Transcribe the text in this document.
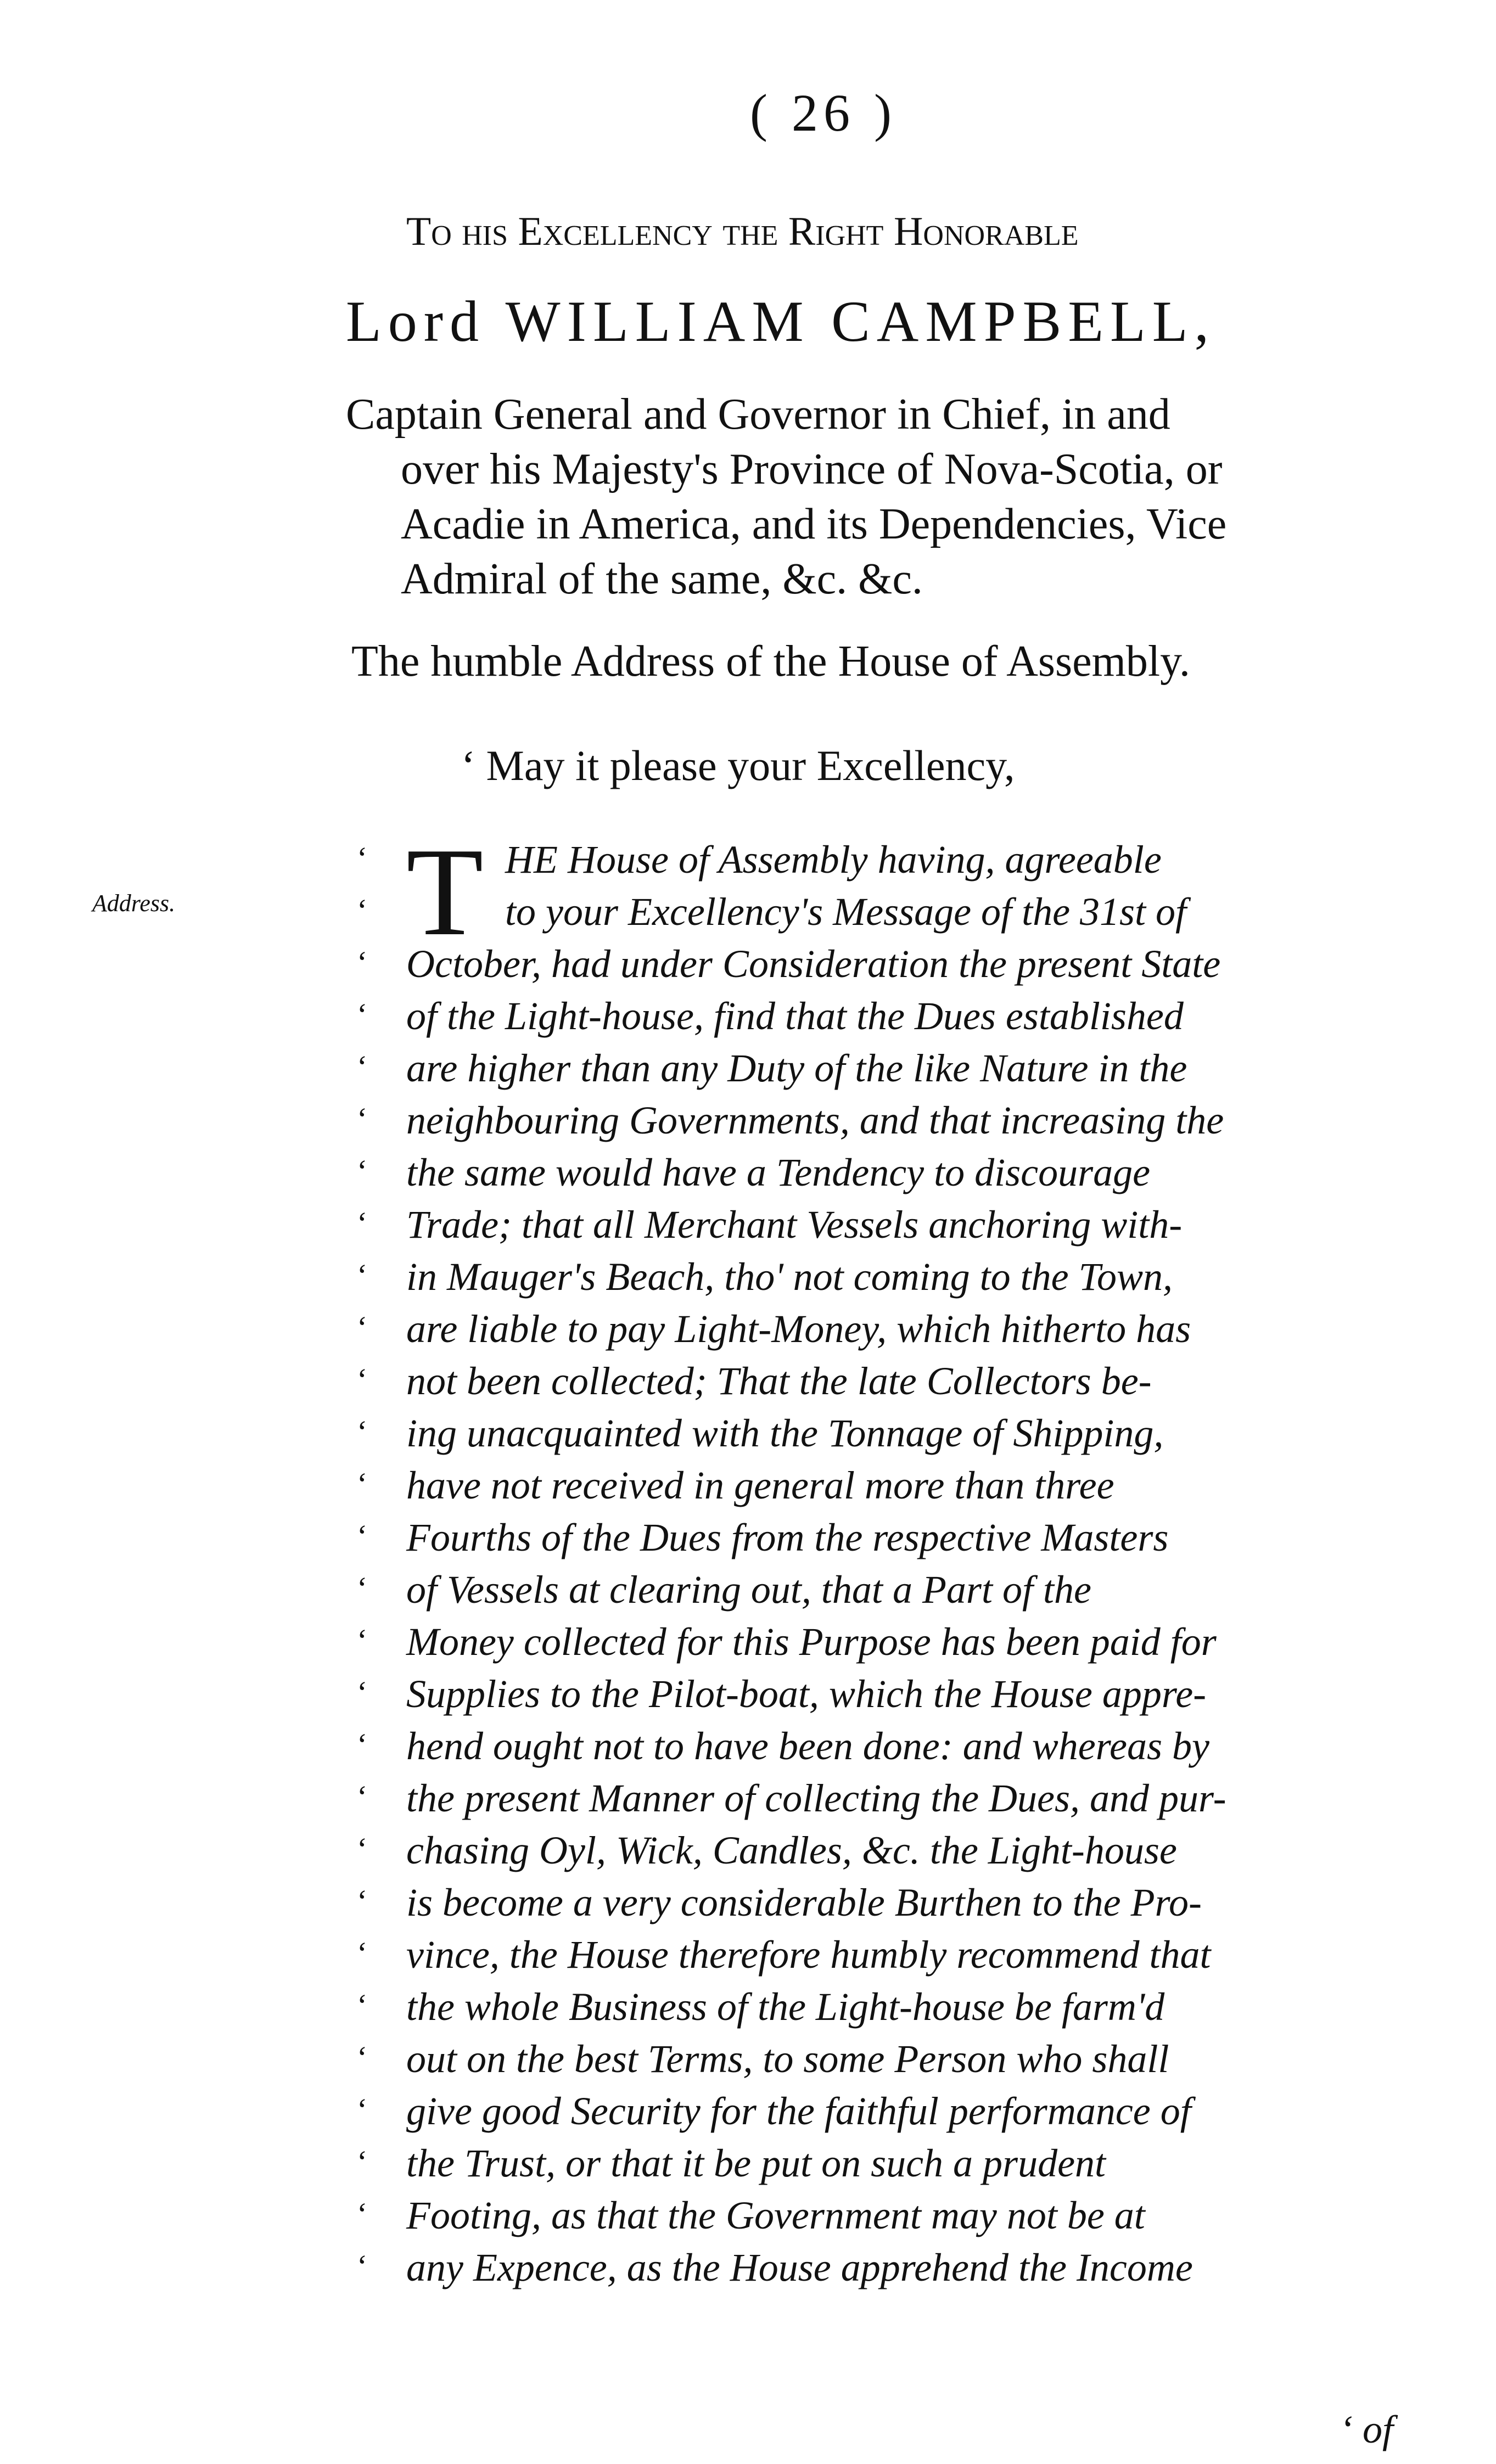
( 26 )
To his Excellency the Right Honorable
Lord WILLIAM CAMPBELL,
Captain General and Governor in Chief, in and
over his Majesty's Province of Nova-Scotia, or
Acadie in America, and its Dependencies, Vice
Admiral of the same, &c. &c.
The humble Address of the House of Assembly.
‘ May it please your Excellency,
Address. T
‘	HE House of Assembly having, agreeable
‘	to your Excellency's Message of the 31st of
‘ October, had under Consideration the present State
‘ of the Light-house, find that the Dues established
‘ are higher than any Duty of the like Nature in the
‘ neighbouring Governments, and that increasing the
‘ the same would have a Tendency to discourage
‘ Trade; that all Merchant Vessels anchoring with-
‘ in Mauger's Beach, tho' not coming to the Town,
‘ are liable to pay Light-Money, which hitherto has
‘ not been collected; That the late Collectors be-
‘ ing unacquainted with the Tonnage of Shipping,
‘ have not received in general more than three
‘ Fourths of the Dues from the respective Masters
‘ of Vessels at clearing out, that a Part of the
‘ Money collected for this Purpose has been paid for
‘ Supplies to the Pilot-boat, which the House appre-
‘ hend ought not to have been done: and whereas by
‘ the present Manner of collecting the Dues, and pur-
‘ chasing Oyl, Wick, Candles, &c. the Light-house
‘ is become a very considerable Burthen to the Pro-
‘ vince, the House therefore humbly recommend that
‘ the whole Business of the Light-house be farm'd
‘ out on the best Terms, to some Person who shall
‘ give good Security for the faithful performance of
‘ the Trust, or that it be put on such a prudent
‘ Footing, as that the Government may not be at
‘ any Expence, as the House apprehend the Income
‘ of
